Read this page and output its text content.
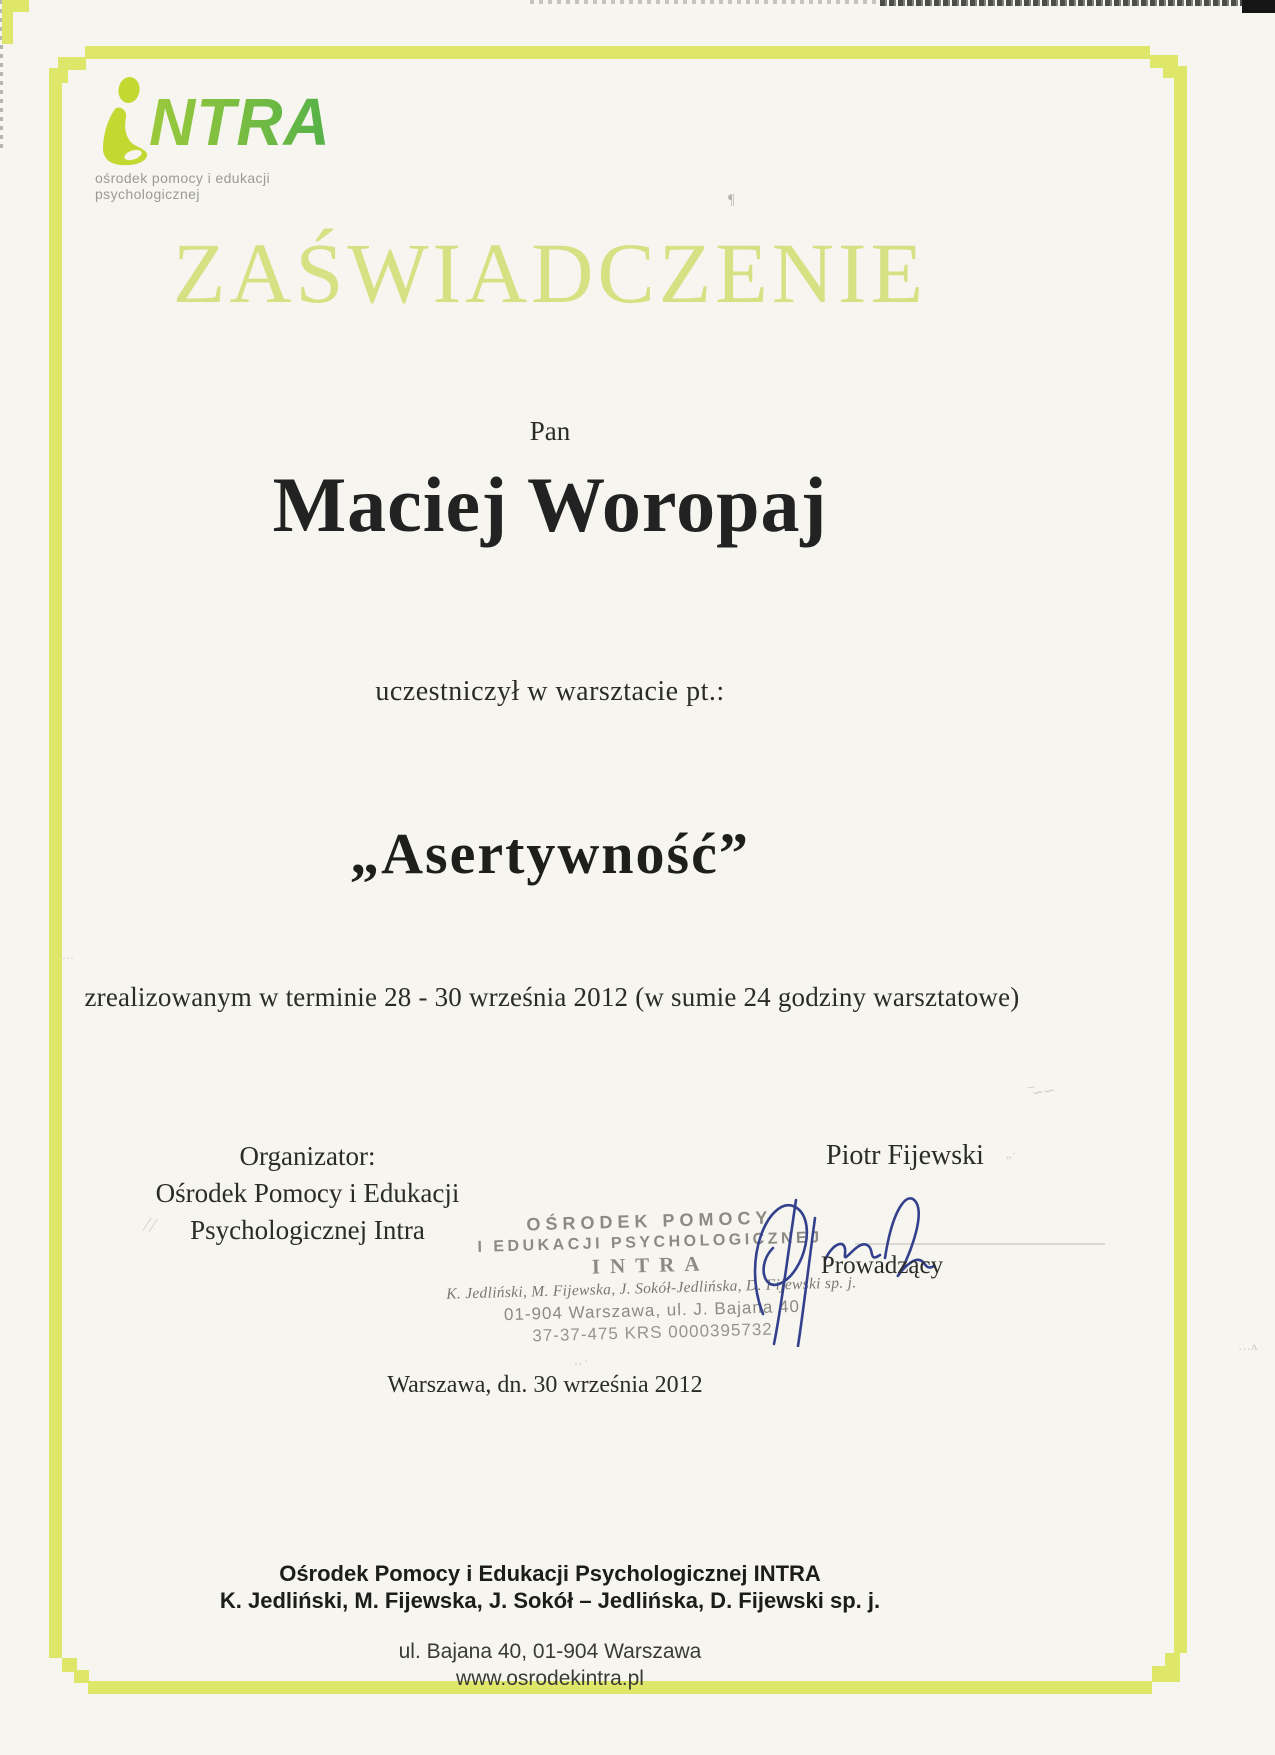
NTRA
ośrodek pomocy i edukacji psychologicznej
ZAŚWIADCZENIE
Pan
Maciej Woropaj
uczestniczył w warsztacie pt.:
„Asertywność”
zrealizowanym w terminie 28 - 30 września 2012 (w sumie 24 godziny warsztatowe)
Organizator:
Ośrodek Pomocy i Edukacji
Psychologicznej Intra	OŚRODEK POMOCY
I EDUKACJI PSYCHOLOGICZNEJ
INTRA
K. Jedliński, M. Fijewska, J. Sokół-Jedlińska, D. Fijewski sp. j.
01-904 Warszawa, ul. J. Bajana 40
37-37-475 KRS 0000395732
Piotr Fijewski
Prowadzący
Warszawa, dn. 30 września 2012
Ośrodek Pomocy i Edukacji Psychologicznej INTRA
K. Jedliński, M. Fijewska, J. Sokół – Jedlińska, D. Fijewski sp. j.
ul. Bajana 40, 01-904 Warszawa
www.osrodekintra.pl
¶
̅∽∽
„·
//
‥·
…ʌ
·…
